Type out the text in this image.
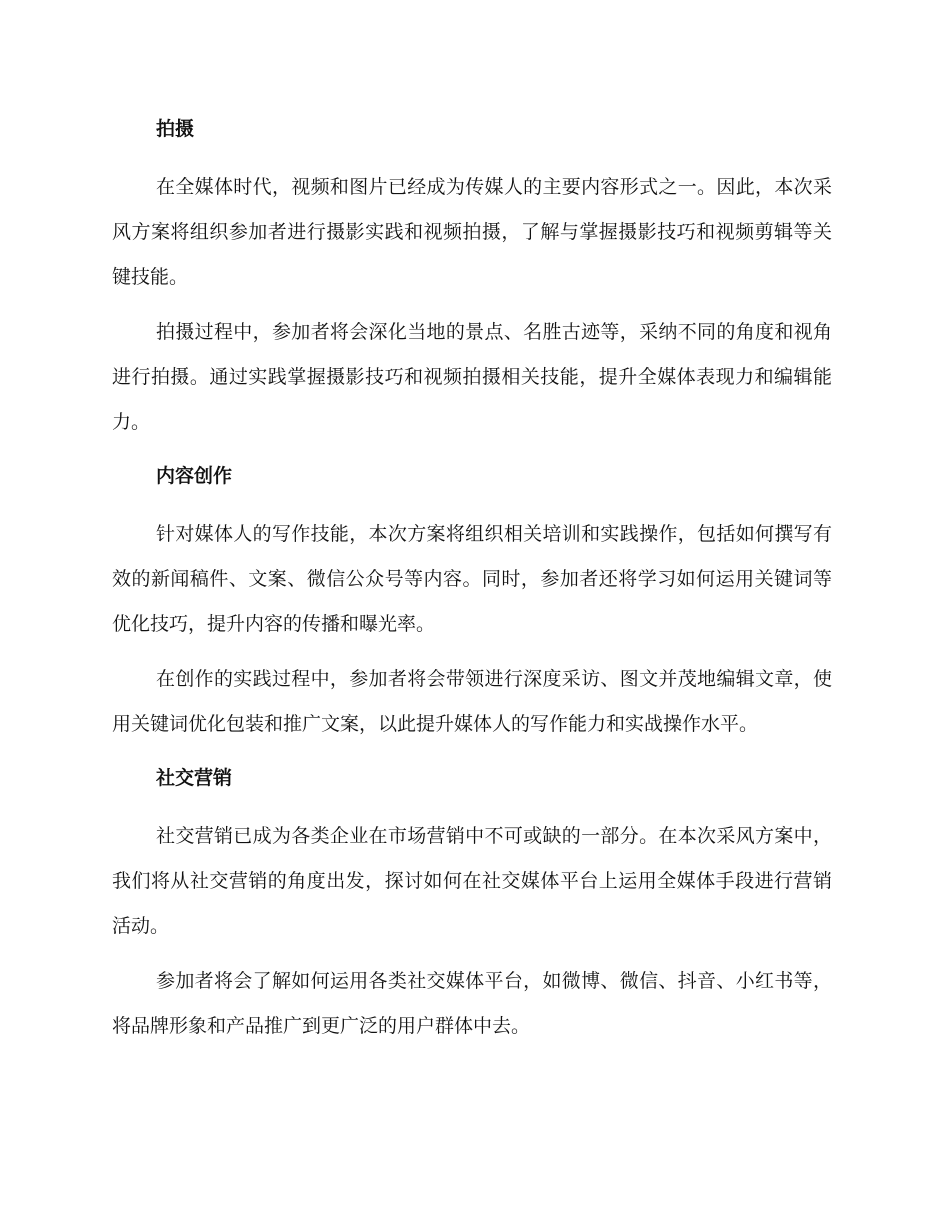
拍摄

在全媒体时代，视频和图片已经成为传媒人的主要内容形式之一。因此，本次采风方案将组织参加者进行摄影实践和视频拍摄，了解与掌握摄影技巧和视频剪辑等关键技能。

拍摄过程中，参加者将会深化当地的景点、名胜古迹等，采纳不同的角度和视角进行拍摄。通过实践掌握摄影技巧和视频拍摄相关技能，提升全媒体表现力和编辑能力。

内容创作

针对媒体人的写作技能，本次方案将组织相关培训和实践操作，包括如何撰写有效的新闻稿件、文案、微信公众号等内容。同时，参加者还将学习如何运用关键词等优化技巧，提升内容的传播和曝光率。

在创作的实践过程中，参加者将会带领进行深度采访、图文并茂地编辑文章，使用关键词优化包装和推广文案，以此提升媒体人的写作能力和实战操作水平。

社交营销

社交营销已成为各类企业在市场营销中不可或缺的一部分。在本次采风方案中，我们将从社交营销的角度出发，探讨如何在社交媒体平台上运用全媒体手段进行营销活动。

参加者将会了解如何运用各类社交媒体平台，如微博、微信、抖音、小红书等，将品牌形象和产品推广到更广泛的用户群体中去。
